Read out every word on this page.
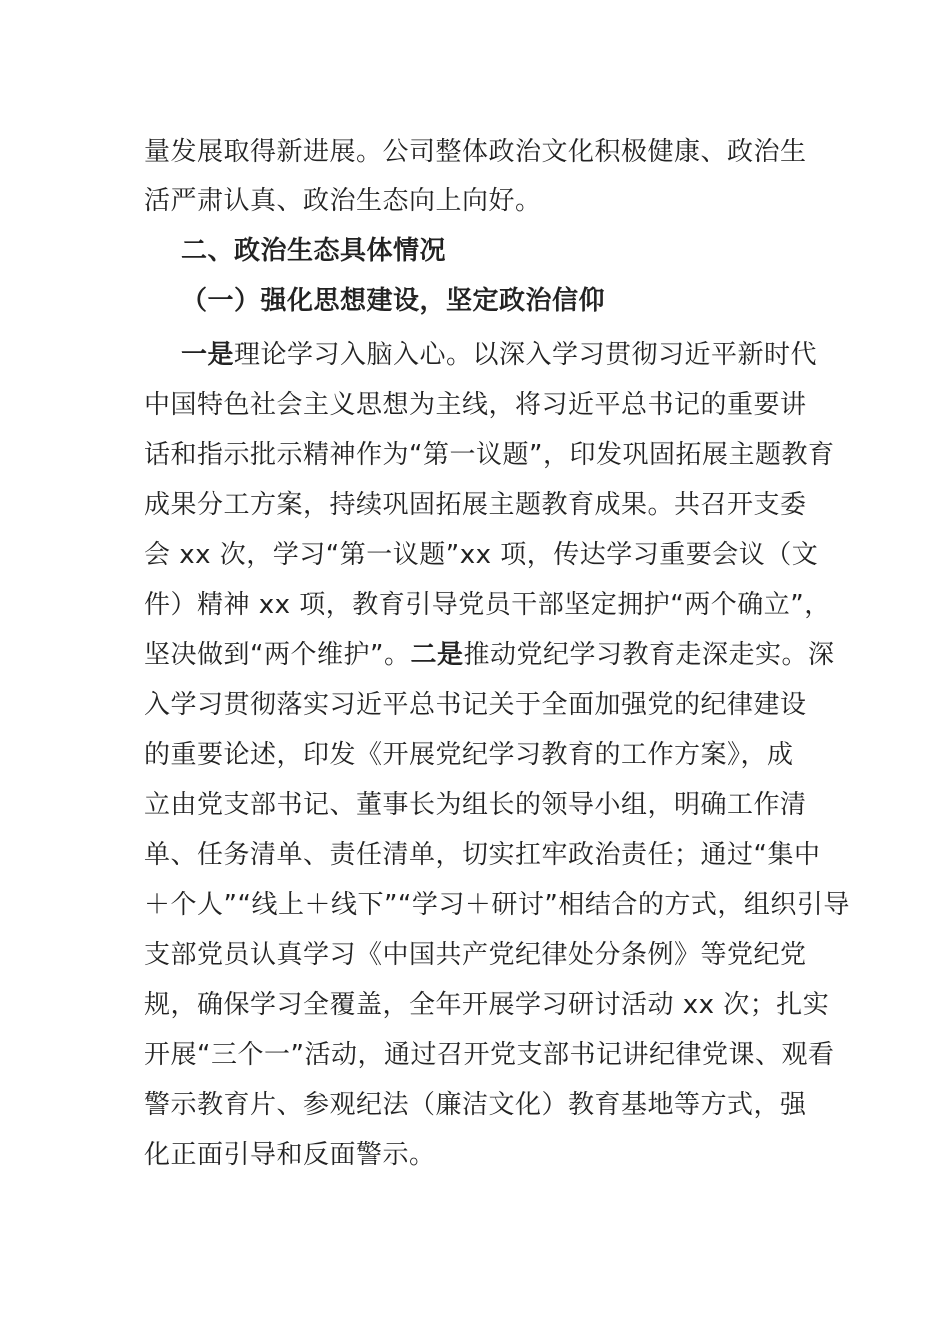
量发展取得新进展。公司整体政治文化积极健康、政治生
活严肃认真、政治生态向上向好。
二、政治生态具体情况
（一）强化思想建设，坚定政治信仰
一是理论学习入脑入心。以深入学习贯彻习近平新时代
中国特色社会主义思想为主线，将习近平总书记的重要讲
话和指示批示精神作为“第一议题”，印发巩固拓展主题教育
成果分工方案，持续巩固拓展主题教育成果。共召开支委
会 xx 次，学习“第一议题”xx 项，传达学习重要会议（文
件）精神 xx 项，教育引导党员干部坚定拥护“两个确立”，
坚决做到“两个维护”。二是推动党纪学习教育走深走实。深
入学习贯彻落实习近平总书记关于全面加强党的纪律建设
的重要论述，印发《开展党纪学习教育的工作方案》，成
立由党支部书记、董事长为组长的领导小组，明确工作清
单、任务清单、责任清单，切实扛牢政治责任；通过“集中
＋个人”“线上＋线下”“学习＋研讨”相结合的方式，组织引导
支部党员认真学习《中国共产党纪律处分条例》等党纪党
规，确保学习全覆盖，全年开展学习研讨活动 xx 次；扎实
开展“三个一”活动，通过召开党支部书记讲纪律党课、观看
警示教育片、参观纪法（廉洁文化）教育基地等方式，强
化正面引导和反面警示。
